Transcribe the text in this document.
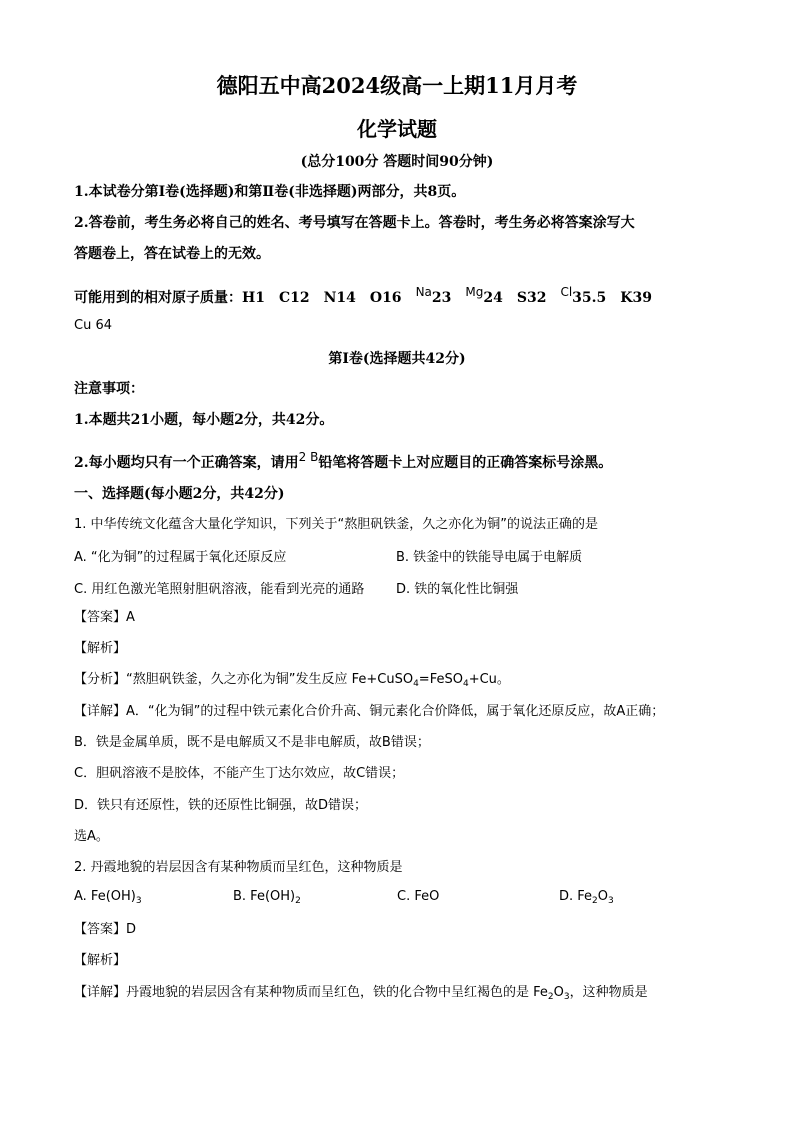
德阳五中高2024级高一上期11月月考
化学试题
(总分100分 答题时间90分钟)
1.本试卷分第Ⅰ卷(选择题)和第Ⅱ卷(非选择题)两部分，共8页。
2.答卷前，考生务必将自己的姓名、考号填写在答题卡上。答卷时，考生务必将答案涂写大
答题卷上，答在试卷上的无效。
可能用到的相对原子质量：H1 C12 N14 O16 Na23 Mg24 S32 Cl35.5 K39
Cu 64
第Ⅰ卷(选择题共42分)
注意事项：
1.本题共21小题，每小题2分，共42分。
2.每小题均只有一个正确答案，请用2 B铅笔将答题卡上对应题目的正确答案标号涂黑。
一、选择题(每小题2分，共42分)
1. 中华传统文化蕴含大量化学知识，下列关于“熬胆矾铁釜，久之亦化为铜”的说法正确的是
A. “化为铜”的过程属于氧化还原反应	B. 铁釜中的铁能导电属于电解质
C. 用红色激光笔照射胆矾溶液，能看到光亮的通路 D. 铁的氧化性比铜强
【答案】A
【解析】
【分析】“熬胆矾铁釜，久之亦化为铜”发生反应 Fe+CuSO$_4$=FeSO$_4$+Cu。
【详解】A．“化为铜”的过程中铁元素化合价升高、铜元素化合价降低，属于氧化还原反应，故A正确；
B．铁是金属单质，既不是电解质又不是非电解质，故B错误；
C．胆矾溶液不是胶体，不能产生丁达尔效应，故C错误；
D．铁只有还原性，铁的还原性比铜强，故D错误；
选A。
2. 丹霞地貌的岩层因含有某种物质而呈红色，这种物质是
A. $Fe(OH)_3$	B. $Fe(OH)_2$	C. FeO	D. $Fe_2O_3$
【答案】D
【解析】
【详解】丹霞地貌的岩层因含有某种物质而呈红色，铁的化合物中呈红褐色的是 $Fe_2O_3$，这种物质是
